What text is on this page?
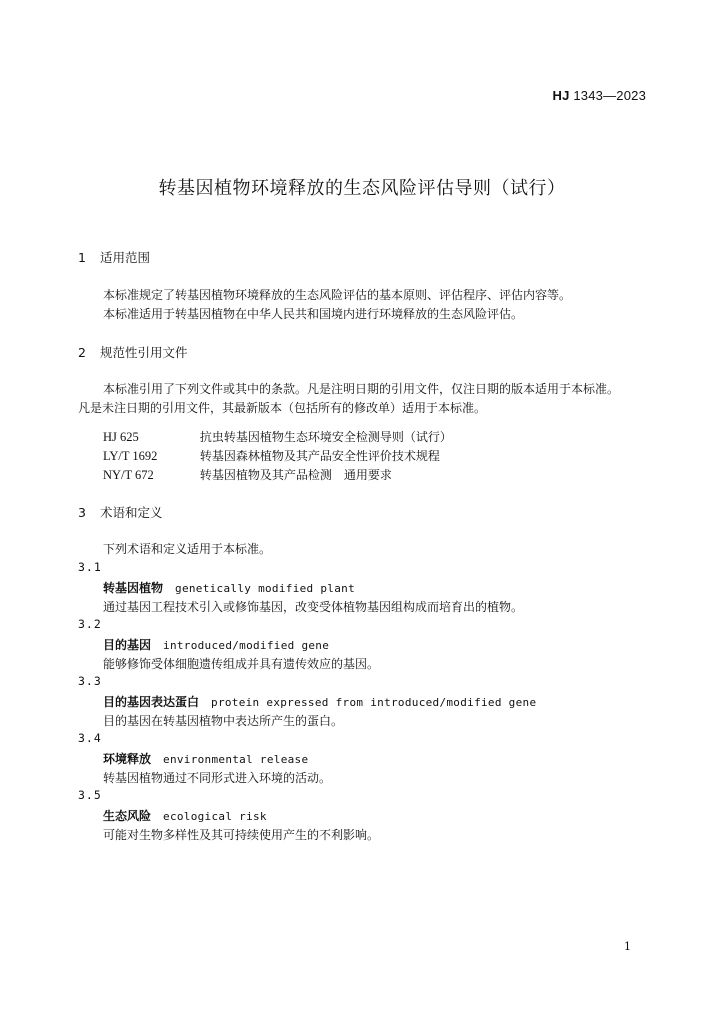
HJ 1343—2023
转基因植物环境释放的生态风险评估导则（试行）
1 适用范围
本标准规定了转基因植物环境释放的生态风险评估的基本原则、评估程序、评估内容等。
本标准适用于转基因植物在中华人民共和国境内进行环境释放的生态风险评估。
2 规范性引用文件
本标准引用了下列文件或其中的条款。凡是注明日期的引用文件，仅注日期的版本适用于本标准。
凡是未注日期的引用文件，其最新版本（包括所有的修改单）适用于本标准。
HJ 625	抗虫转基因植物生态环境安全检测导则（试行）
LY/T 1692	转基因森林植物及其产品安全性评价技术规程
NY/T 672	转基因植物及其产品检测　通用要求
3 术语和定义
下列术语和定义适用于本标准。
3.1
转基因植物 genetically modified plant
通过基因工程技术引入或修饰基因，改变受体植物基因组构成而培育出的植物。
3.2
目的基因 introduced/modified gene
能够修饰受体细胞遗传组成并具有遗传效应的基因。
3.3
目的基因表达蛋白 protein expressed from introduced/modified gene
目的基因在转基因植物中表达所产生的蛋白。
3.4
环境释放 environmental release
转基因植物通过不同形式进入环境的活动。
3.5
生态风险 ecological risk
可能对生物多样性及其可持续使用产生的不利影响。
1
